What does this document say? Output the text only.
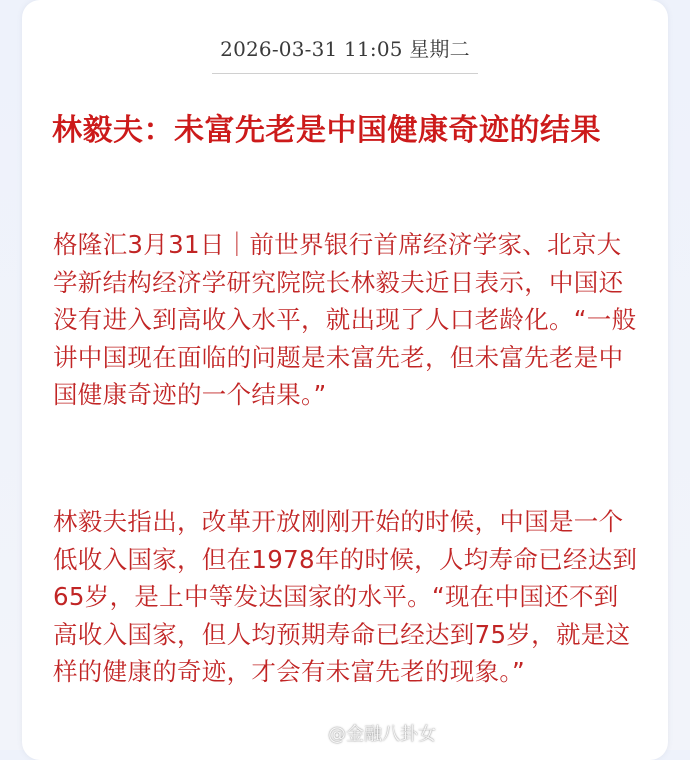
2026-03-31 11:05 星期二
林毅夫：未富先老是中国健康奇迹的结果

格隆汇3月31日｜前世界银行首席经济学家、北京大学新结构经济学研究院院长林毅夫近日表示，中国还没有进入到高收入水平，就出现了人口老龄化。“一般讲中国现在面临的问题是未富先老，但未富先老是中国健康奇迹的一个结果。”

林毅夫指出，改革开放刚刚开始的时候，中国是一个低收入国家，但在1978年的时候，人均寿命已经达到65岁，是上中等发达国家的水平。“现在中国还不到高收入国家，但人均预期寿命已经达到75岁，就是这样的健康的奇迹，才会有未富先老的现象。”

@金融八卦女
